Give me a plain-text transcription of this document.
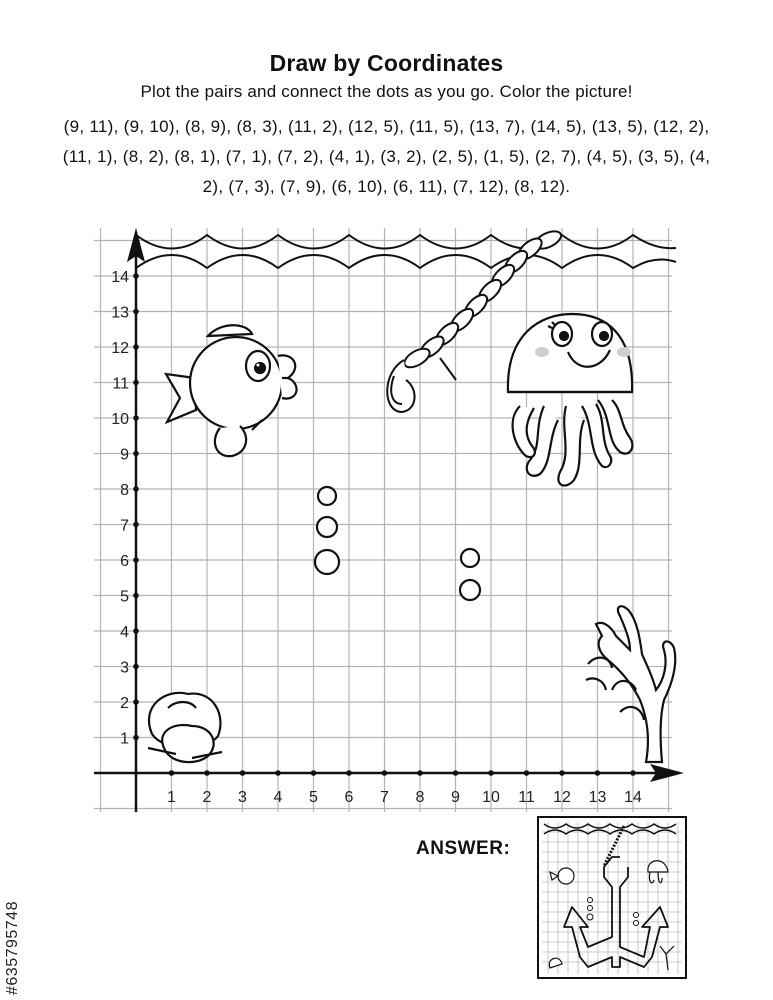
Draw by Coordinates
Plot the pairs and connect the dots as you go. Color the picture!
(9, 11), (9, 10), (8, 9), (8, 3), (11, 2), (12, 5), (11, 5), (13, 7), (14, 5), (13, 5), (12, 2), (11, 1), (8, 2), (8, 1), (7, 1), (7, 2), (4, 1), (3, 2), (2, 5), (1, 5), (2, 7), (4, 5), (3, 5), (4, 2), (7, 3), (7, 9), (6, 10), (6, 11), (7, 12), (8, 12).
1 2 3 4 5 6 7 8 9 10 11 12 13 14
1
2
3
4
5
6
7
8
9
10
11
12
13
14
ANSWER:
#635795748
